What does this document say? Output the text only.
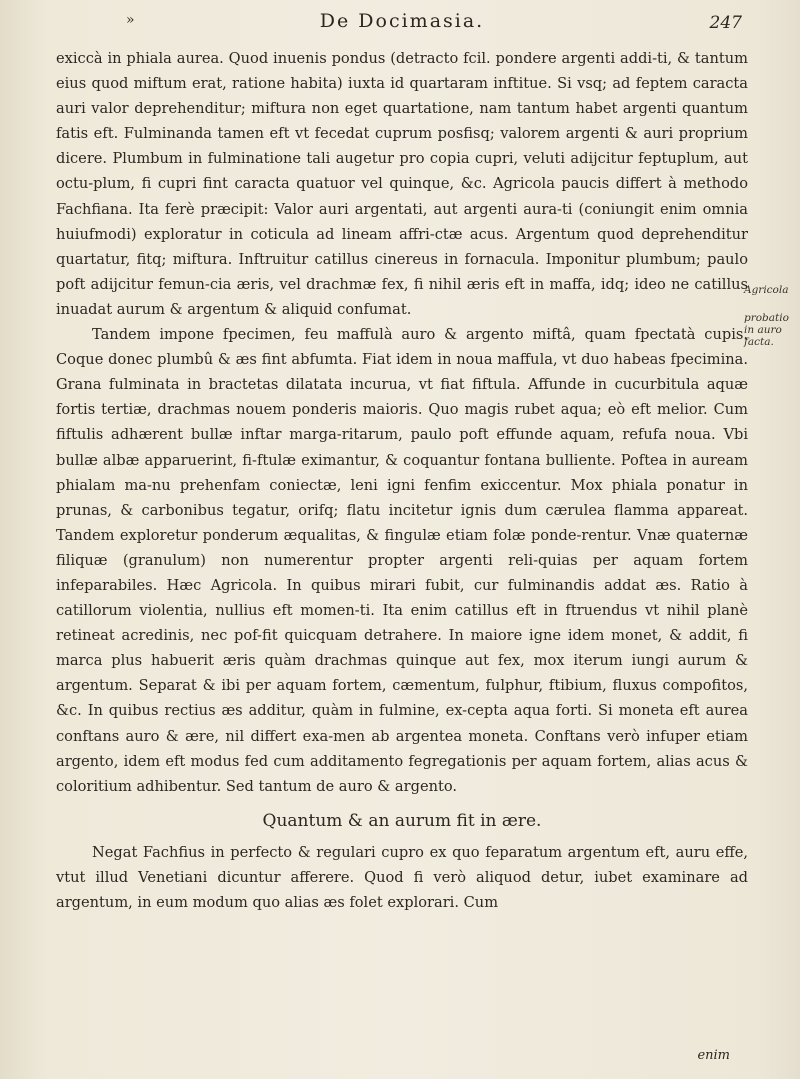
»	De Docimasia.	247
Agricola
probatio in auro facta.

exiccà in phiala aurea. Quod inuenis pondus (detracto fcil. pondere argenti addi-ti, & tantum eius quod miftum erat, ratione habita) iuxta id quartaram inftitue. Si vsq; ad feptem caracta auri valor deprehenditur; miftura non eget quartatione, nam tantum habet argenti quantum fatis eft. Fulminanda tamen eft vt fecedat cuprum posfisq; valorem argenti & auri proprium dicere. Plumbum in fulminatione tali augetur pro copia cupri, veluti adijcitur feptuplum, aut octu-plum, fi cupri fint caracta quatuor vel quinque, &c. Agricola paucis differt à methodo Fachfiana. Ita ferè præcipit: Valor auri argentati, aut argenti aura-ti (coniungit enim omnia huiufmodi) exploratur in coticula ad lineam affri-ctæ acus. Argentum quod deprehenditur quartatur, fitq; miftura. Inftruitur catillus cinereus in fornacula. Imponitur plumbum; paulo poft adijcitur femun-cia æris, vel drachmæ fex, fi nihil æris eft in maffa, idq; ideo ne catillus inuadat aurum & argentum & aliquid confumat.

Tandem impone fpecimen, feu maffulà auro & argento miftâ, quam fpectatà cupis. Coque donec plumbû & æs fint abfumta. Fiat idem in noua maffula, vt duo habeas fpecimina. Grana fulminata in bractetas dilatata incurua, vt fiat fiftula. Affunde in cucurbitula aquæ fortis tertiæ, drachmas nouem ponderis maioris. Quo magis rubet aqua; eò eft melior. Cum fiftulis adhærent bullæ inftar marga-ritarum, paulo poft effunde aquam, refufa noua. Vbi bullæ albæ apparuerint, fi-ftulæ eximantur, & coquantur fontana bulliente. Poftea in auream phialam ma-nu prehenfam coniectæ, leni igni fenfim exiccentur. Mox phiala ponatur in prunas, & carbonibus tegatur, orifq; flatu incitetur ignis dum cærulea flamma appareat. Tandem exploretur ponderum æqualitas, & fingulæ etiam folæ ponde-rentur. Vnæ quaternæ filiquæ (granulum) non numerentur propter argenti reli-quias per aquam fortem infeparabiles. Hæc Agricola. In quibus mirari fubit, cur fulminandis addat æs. Ratio à catillorum violentia, nullius eft momen-ti. Ita enim catillus eft in ftruendus vt nihil planè retineat acredinis, nec pof-fit quicquam detrahere. In maiore igne idem monet, & addit, fi marca plus habuerit æris quàm drachmas quinque aut fex, mox iterum iungi aurum & argentum. Separat & ibi per aquam fortem, cæmentum, fulphur, ftibium, fluxus compofitos, &c. In quibus rectius æs additur, quàm in fulmine, ex-cepta aqua forti. Si moneta eft aurea conftans auro & ære, nil differt exa-men ab argentea moneta. Conftans verò infuper etiam argento, idem eft modus fed cum additamento fegregationis per aquam fortem, alias acus & coloritium adhibentur. Sed tantum de auro & argento.

Quantum & an aurum fit in ære.

Negat Fachfius in perfecto & regulari cupro ex quo feparatum argentum eft, auru effe, vtut illud Venetiani dicuntur afferere. Quod fi verò aliquod detur, iubet examinare ad argentum, in eum modum quo alias æs folet explorari. Cum

enim
